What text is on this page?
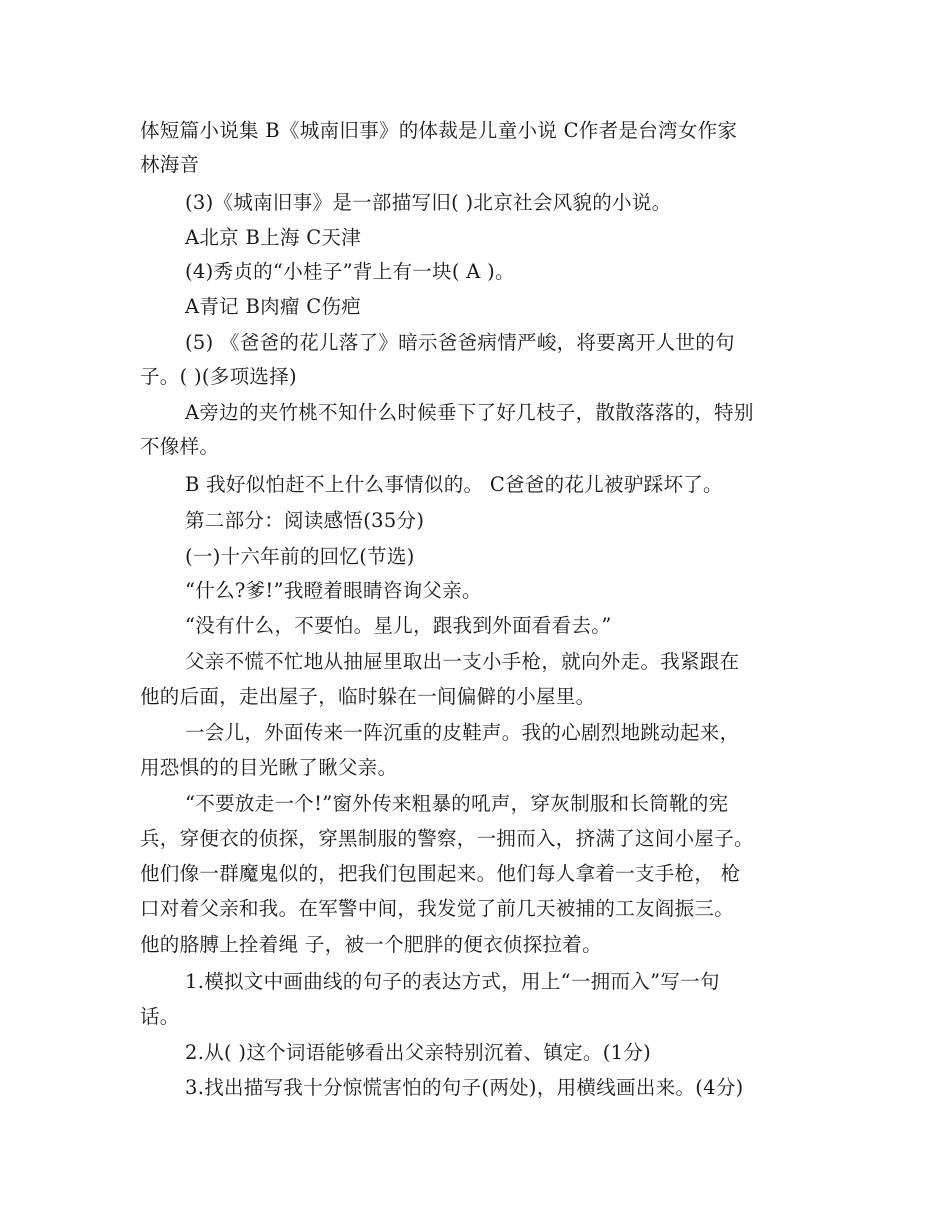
体短篇小说集 B《城南旧事》的体裁是儿童小说 C作者是台湾女作家
林海音
(3)《城南旧事》是一部描写旧( )北京社会风貌的小说。
A北京 B上海 C天津
(4)秀贞的“小桂子”背上有一块( A )。
A青记 B肉瘤 C伤疤
(5) 《爸爸的花儿落了》暗示爸爸病情严峻，将要离开人世的句
子。( )(多项选择)
A旁边的夹竹桃不知什么时候垂下了好几枝子，散散落落的，特别
不像样。
B 我好似怕赶不上什么事情似的。 C爸爸的花儿被驴踩坏了。
第二部分：阅读感悟(35分)
(一)十六年前的回忆(节选)
“什么?爹!”我瞪着眼睛咨询父亲。
“没有什么，不要怕。星儿，跟我到外面看看去。”
父亲不慌不忙地从抽屉里取出一支小手枪，就向外走。我紧跟在
他的后面，走出屋子，临时躲在一间偏僻的小屋里。
一会儿，外面传来一阵沉重的皮鞋声。我的心剧烈地跳动起来，
用恐惧的的目光瞅了瞅父亲。
“不要放走一个!”窗外传来粗暴的吼声，穿灰制服和长筒靴的宪
兵，穿便衣的侦探，穿黑制服的警察，一拥而入，挤满了这间小屋子。
他们像一群魔鬼似的，把我们包围起来。他们每人拿着一支手枪， 枪
口对着父亲和我。在军警中间，我发觉了前几天被捕的工友阎振三。
他的胳膊上拴着绳 子，被一个肥胖的便衣侦探拉着。
1.模拟文中画曲线的句子的表达方式，用上“一拥而入”写一句
话。
2.从( )这个词语能够看出父亲特别沉着、镇定。(1分)
3.找出描写我十分惊慌害怕的句子(两处)，用横线画出来。(4分)
